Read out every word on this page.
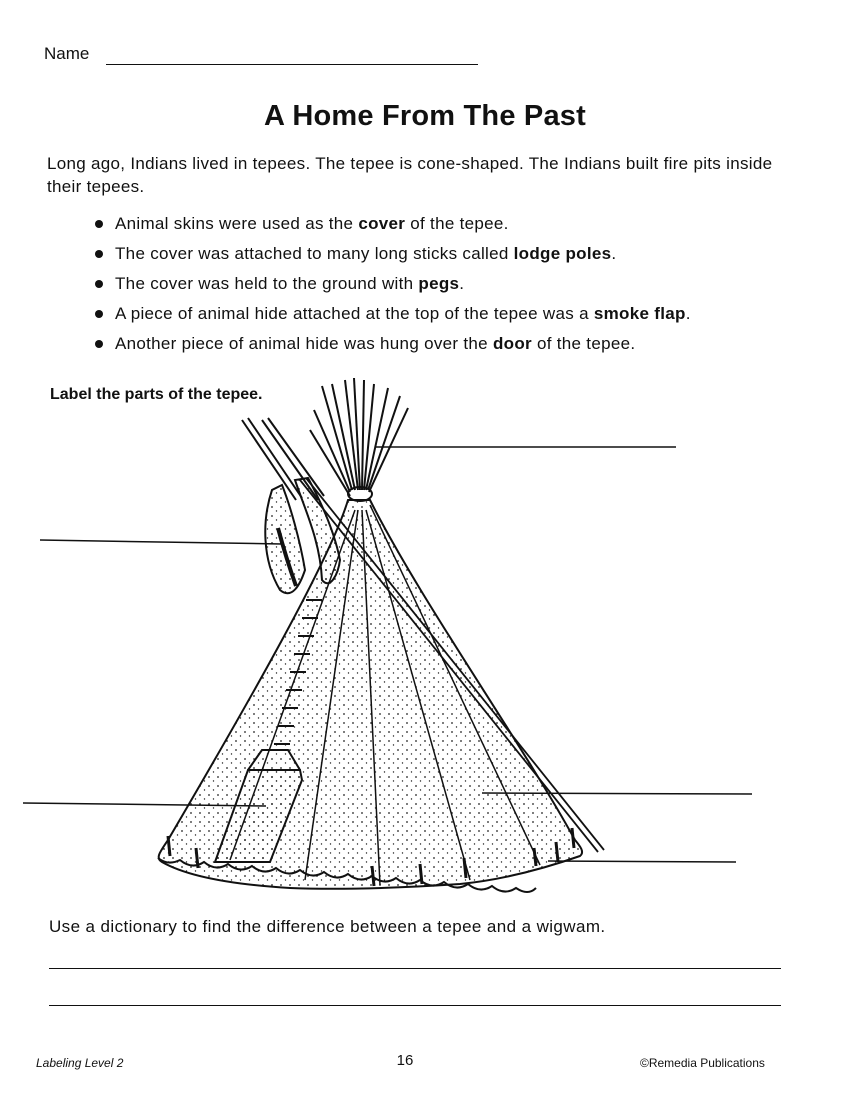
Name
A Home From The Past
Long ago, Indians lived in tepees. The tepee is cone-shaped. The Indians built fire pits inside their tepees.
Animal skins were used as the cover of the tepee.
The cover was attached to many long sticks called lodge poles.
The cover was held to the ground with pegs.
A piece of animal hide attached at the top of the tepee was a smoke flap.
Another piece of animal hide was hung over the door of the tepee.
Label the parts of the tepee.
Use a dictionary to find the difference between a tepee and a wigwam.
Labeling Level 2	16	©Remedia Publications
